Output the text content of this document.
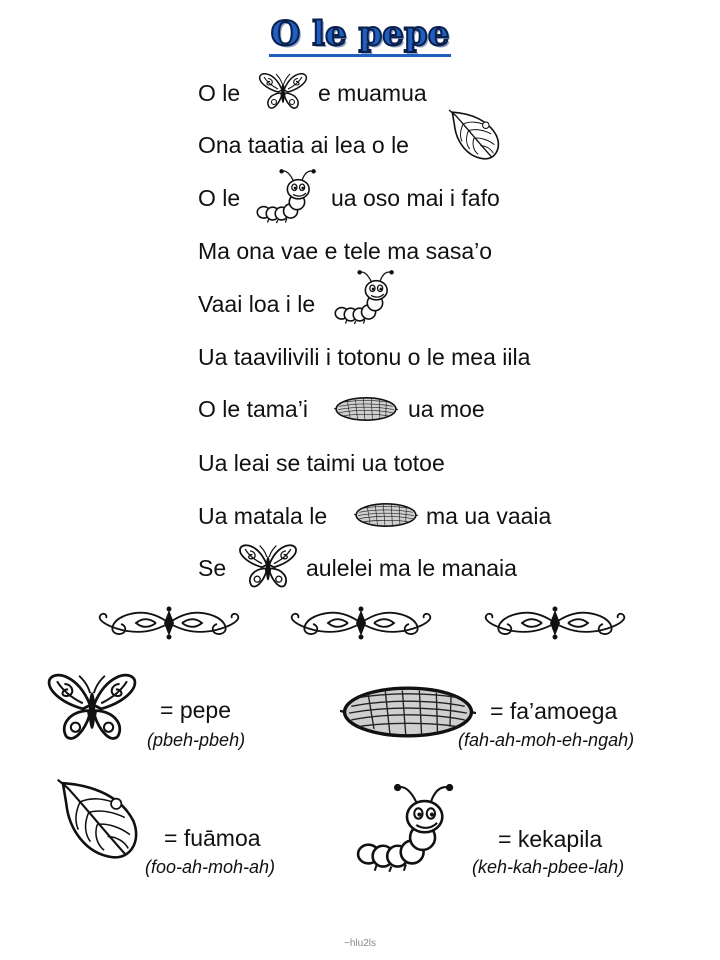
O le pepe
O le	e muamua
Ona taatia ai lea o le
O le	ua oso mai i fafo
Ma ona vae e tele ma sasa’o
Vaai loa i le
Ua taavilivili i totonu o le mea iila
O le tama’i	ua moe
Ua leai se taimi ua totoe
Ua matala le	ma ua vaaia
Se	aulelei ma le manaia
= pepe
(pbeh-pbeh)
= fa’amoega
(fah-ah-moh-eh-ngah)
= fuāmoa
(foo-ah-moh-ah)
= kekapila
(keh-kah-pbee-lah)
~hlu2ls
